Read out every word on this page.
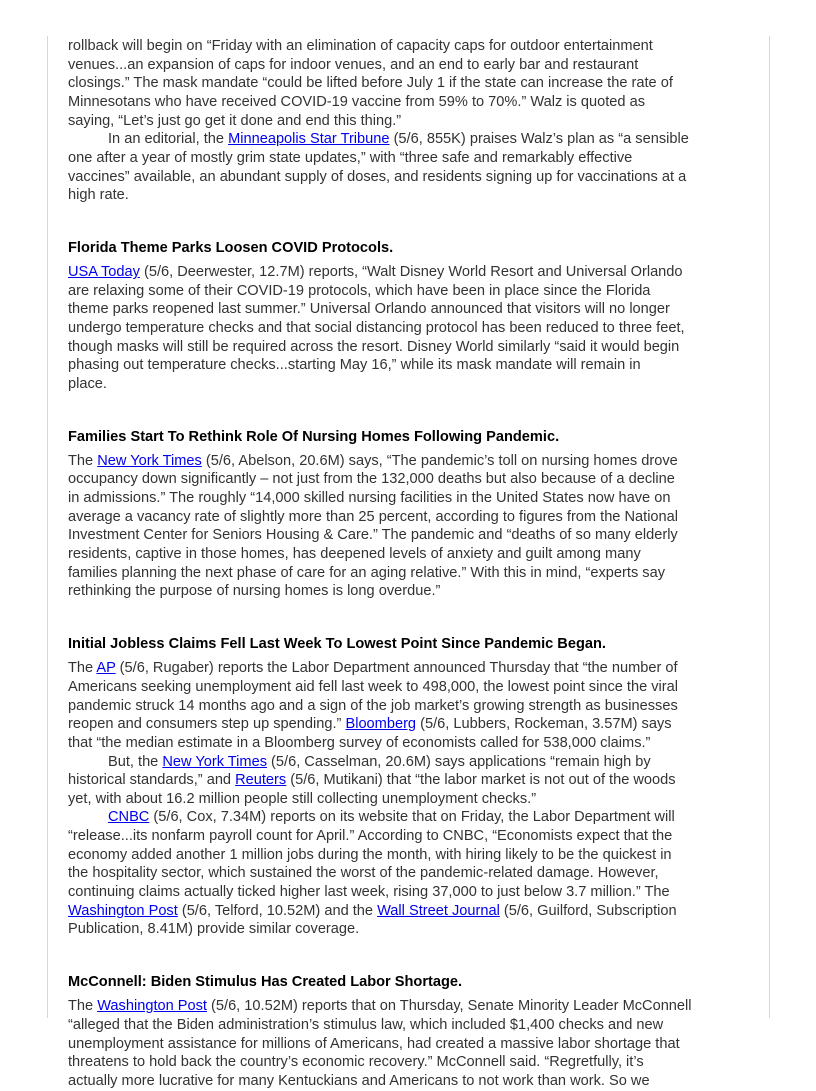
rollback will begin on “Friday with an elimination of capacity caps for outdoor entertainment
venues...an expansion of caps for indoor venues, and an end to early bar and restaurant
closings.” The mask mandate “could be lifted before July 1 if the state can increase the rate of
Minnesotans who have received COVID-19 vaccine from 59% to 70%.” Walz is quoted as
saying, “Let’s just go get it done and end this thing.”
In an editorial, the Minneapolis Star Tribune (5/6, 855K) praises Walz’s plan as “a sensible
one after a year of mostly grim state updates,” with “three safe and remarkably effective
vaccines” available, an abundant supply of doses, and residents signing up for vaccinations at a
high rate.
Florida Theme Parks Loosen COVID Protocols.
USA Today (5/6, Deerwester, 12.7M) reports, “Walt Disney World Resort and Universal Orlando
are relaxing some of their COVID-19 protocols, which have been in place since the Florida
theme parks reopened last summer.” Universal Orlando announced that visitors will no longer
undergo temperature checks and that social distancing protocol has been reduced to three feet,
though masks will still be required across the resort. Disney World similarly “said it would begin
phasing out temperature checks...starting May 16,” while its mask mandate will remain in
place.
Families Start To Rethink Role Of Nursing Homes Following Pandemic.
The New York Times (5/6, Abelson, 20.6M) says, “The pandemic’s toll on nursing homes drove
occupancy down significantly – not just from the 132,000 deaths but also because of a decline
in admissions.” The roughly “14,000 skilled nursing facilities in the United States now have on
average a vacancy rate of slightly more than 25 percent, according to figures from the National
Investment Center for Seniors Housing & Care.” The pandemic and “deaths of so many elderly
residents, captive in those homes, has deepened levels of anxiety and guilt among many
families planning the next phase of care for an aging relative.” With this in mind, “experts say
rethinking the purpose of nursing homes is long overdue.”
Initial Jobless Claims Fell Last Week To Lowest Point Since Pandemic Began.
The AP (5/6, Rugaber) reports the Labor Department announced Thursday that “the number of
Americans seeking unemployment aid fell last week to 498,000, the lowest point since the viral
pandemic struck 14 months ago and a sign of the job market’s growing strength as businesses
reopen and consumers step up spending.” Bloomberg (5/6, Lubbers, Rockeman, 3.57M) says
that “the median estimate in a Bloomberg survey of economists called for 538,000 claims.”
But, the New York Times (5/6, Casselman, 20.6M) says applications “remain high by
historical standards,” and Reuters (5/6, Mutikani) that “the labor market is not out of the woods
yet, with about 16.2 million people still collecting unemployment checks.”
CNBC (5/6, Cox, 7.34M) reports on its website that on Friday, the Labor Department will
“release...its nonfarm payroll count for April.” According to CNBC, “Economists expect that the
economy added another 1 million jobs during the month, with hiring likely to be the quickest in
the hospitality sector, which sustained the worst of the pandemic-related damage. However,
continuing claims actually ticked higher last week, rising 37,000 to just below 3.7 million.” The
Washington Post (5/6, Telford, 10.52M) and the Wall Street Journal (5/6, Guilford, Subscription
Publication, 8.41M) provide similar coverage.
McConnell: Biden Stimulus Has Created Labor Shortage.
The Washington Post (5/6, 10.52M) reports that on Thursday, Senate Minority Leader McConnell
“alleged that the Biden administration’s stimulus law, which included $1,400 checks and new
unemployment assistance for millions of Americans, had created a massive labor shortage that
threatens to hold back the country’s economic recovery.” McConnell said. “Regretfully, it’s
actually more lucrative for many Kentuckians and Americans to not work than work. So we
